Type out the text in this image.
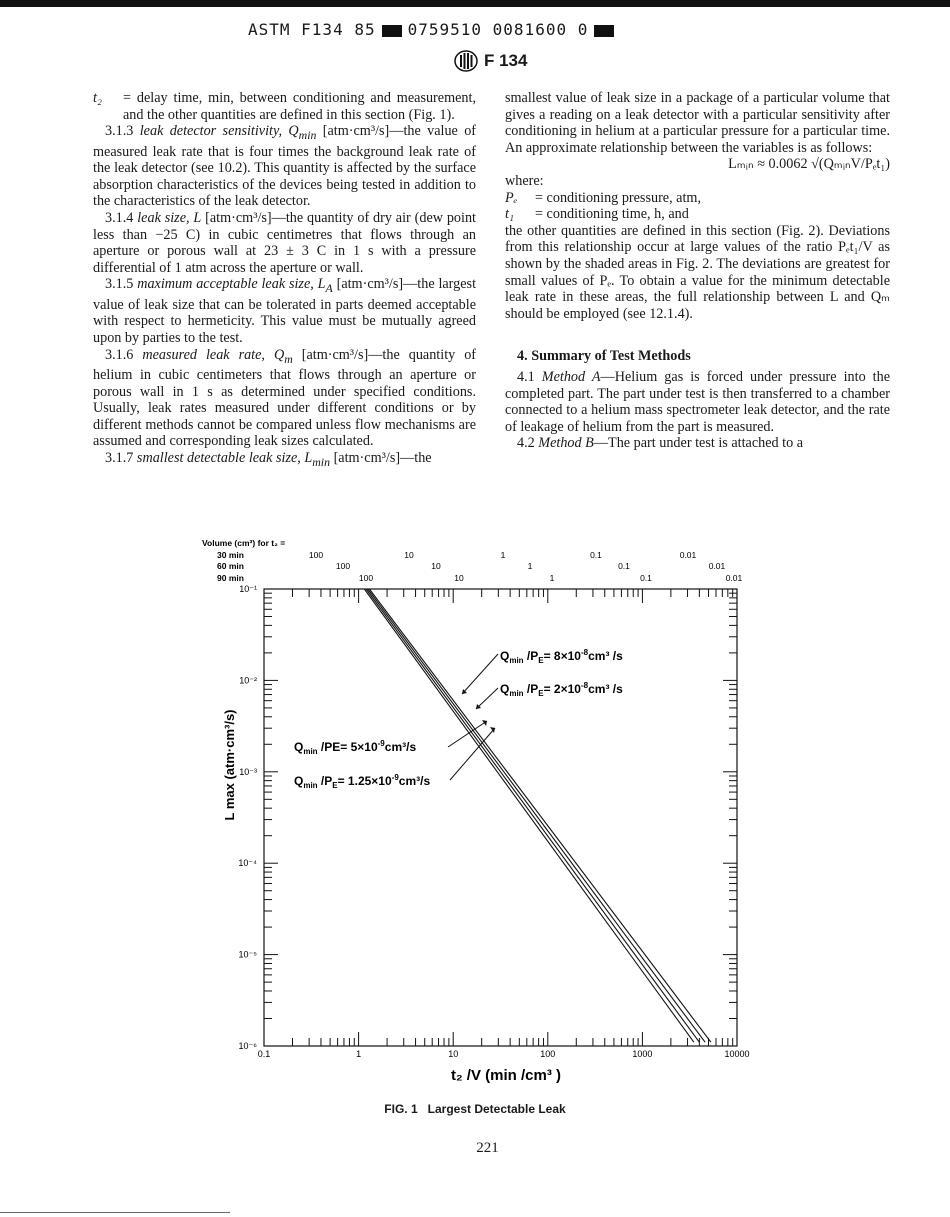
ASTM F134 85 0759510 0081600 0
F 134

t₂	= delay time, min, between conditioning and measurement, and the other quantities are defined in this section (Fig. 1).

3.1.3 leak detector sensitivity, $Q_{min}$ [atm·cm³/s]—the value of measured leak rate that is four times the background leak rate of the leak detector (see 10.2). This quantity is affected by the surface absorption characteristics of the devices being tested in addition to the characteristics of the leak detector.

3.1.4 leak size, L [atm·cm³/s]—the quantity of dry air (dew point less than −25 C) in cubic centimetres that flows through an aperture or porous wall at 23 ± 3 C in 1 s with a pressure differential of 1 atm across the aperture or wall.

3.1.5 maximum acceptable leak size, $L_A$ [atm·cm³/s]—the largest value of leak size that can be tolerated in parts deemed acceptable with respect to hermeticity. This value must be mutually agreed upon by parties to the test.

3.1.6 measured leak rate, $Q_m$ [atm·cm³/s]—the quantity of helium in cubic centimeters that flows through an aperture or porous wall in 1 s as determined under specified conditions. Usually, leak rates measured under different conditions or by different methods cannot be compared unless flow mechanisms are assumed and corresponding leak sizes calculated.

3.1.7 smallest detectable leak size, $L_{min}$ [atm·cm³/s]—the

smallest value of leak size in a package of a particular volume that gives a reading on a leak detector with a particular sensitivity after conditioning in helium at a particular pressure for a particular time. An approximate relationship between the variables is as follows:

Lₘᵢₙ ≈ 0.0062 √(QₘᵢₙV/Pₑt₁)

where:

Pₑ	= conditioning pressure, atm,

t₁	= conditioning time, h, and

the other quantities are defined in this section (Fig. 2). Deviations from this relationship occur at large values of the ratio Pₑt₁/V as shown by the shaded areas in Fig. 2. The deviations are greatest for small values of Pₑ. To obtain a value for the minimum detectable leak rate in these areas, the full relationship between L and Qₘ should be employed (see 12.1.4).

4. Summary of Test Methods

4.1 Method A—Helium gas is forced under pressure into the completed part. The part under test is then transferred to a chamber connected to a helium mass spectrometer leak detector, and the rate of leakage of helium from the part is measured.

4.2 Method B—The part under test is attached to a

0.1	1	10	100	1000	10000
10⁻¹
10⁻²
10⁻³
10⁻⁴
10⁻⁵
10⁻⁶
Volume (cm³) for t₂ =
30 min	100	10	1	0.1	0.01
60 min	100	10	1	0.1	0.01
90 min	100	10	1	0.1	0.01
$Q_{min}$ $/P_E= 8\times 10^{-8}cm^3$ /s
$Q_{min}$ $/P_E= 2\times 10^{-8}cm^3$ /s
$Q_{min}$ $/PE= 5\times 10^{-9}cm^3/s$
$Q_{min}$ $/P_E= 1.25\times 10^{-9}cm^3/s$
t₂ /V (min /cm³ )
L max (atm·cm³/s)
FIG. 1 Largest Detectable Leak
221
